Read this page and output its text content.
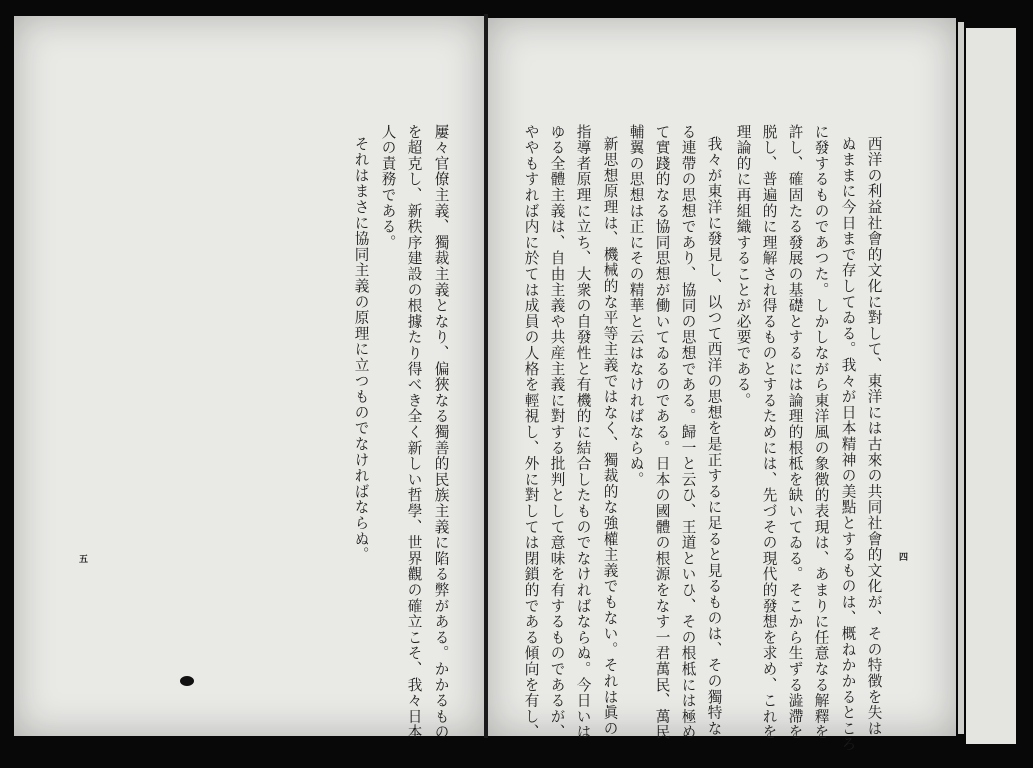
西洋の利益社會的文化に對して、東洋には古來の共同社會的文化が、その特徴を失は
ぬままに今日まで存してゐる。我々が日本精神の美點とするものは、概ねかかるところ
に發するものであつた。しかしながら東洋風の象徴的表現は、あまりに任意なる解釋を
許し、確固たる發展の基礎とするには論理的根柢を缺いてゐる。そこから生ずる澁滯を
脱し、普遍的に理解され得るものとするためには、先づその現代的發想を求め、これを
理論的に再組織することが必要である。
我々が東洋に發見し、以つて西洋の思想を是正するに足ると見るものは、その獨特な
る連帶の思想であり、協同の思想である。歸一と云ひ、王道といひ、その根柢には極め
て實踐的なる協同思想が働いてゐるのである。日本の國體の根源をなす一君萬民、萬民
輔翼の思想は正にその精華と云はなければならぬ。
新思想原理は、機械的な平等主義ではなく、獨裁的な強權主義でもない。それは眞の
指導者原理に立ち、大衆の自發性と有機的に結合したものでなければならぬ。今日いは
ゆる全體主義は、自由主義や共産主義に對する批判として意味を有するものであるが、
ややもすれば内に於ては成員の人格を輕視し、外に對しては閉鎖的である傾向を有し、	四
屢々官僚主義、獨裁主義となり、偏狹なる獨善的民族主義に陷る弊がある。かかるもの
を超克し、新秩序建設の根據たり得べき全く新しい哲學、世界觀の確立こそ、我々日本
人の責務である。
それはまさに協同主義の原理に立つものでなければならぬ。
五
